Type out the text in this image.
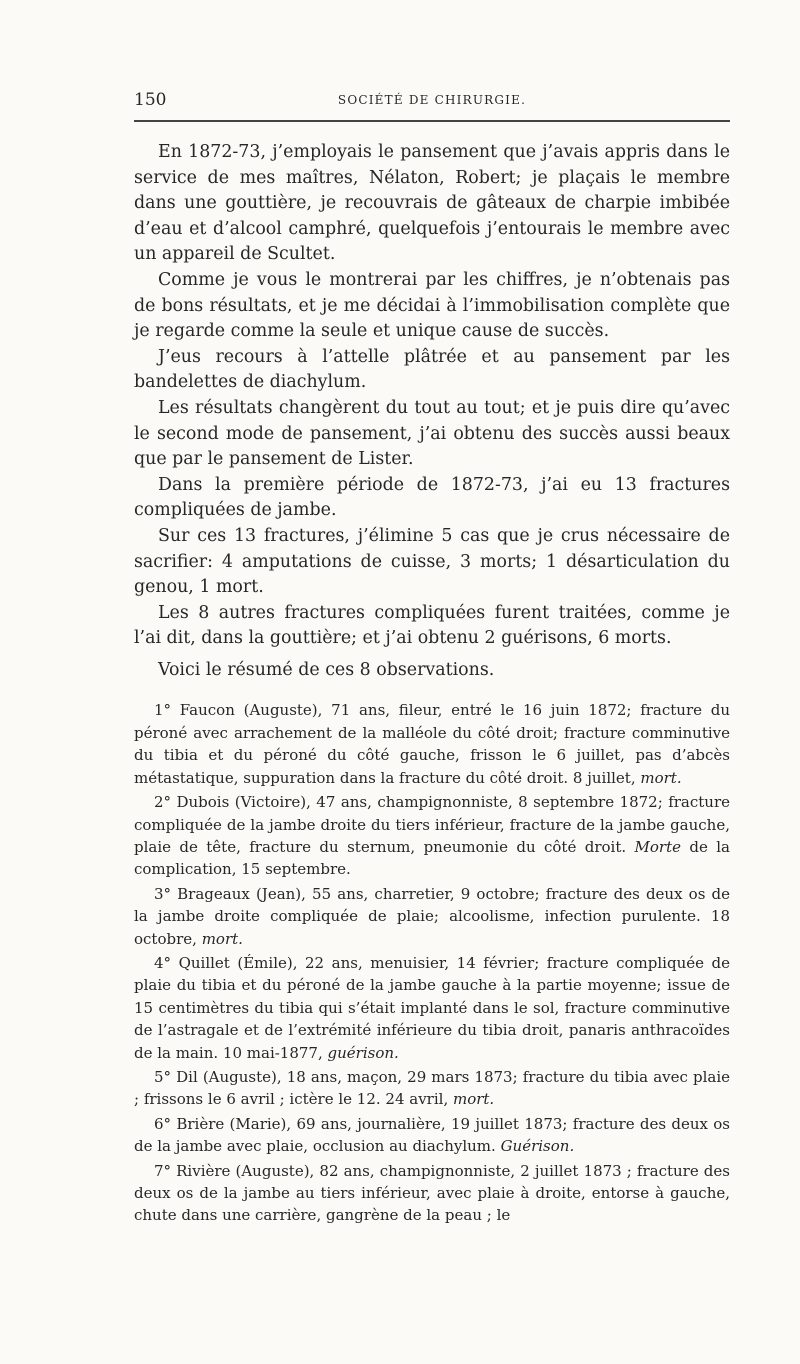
150	SOCIÉTÉ DE CHIRURGIE.

En 1872-73, j’employais le pansement que j’avais appris dans le service de mes maîtres, Nélaton, Robert; je plaçais le membre dans une gouttière, je recouvrais de gâteaux de charpie imbibée d’eau et d’alcool camphré, quelquefois j’entourais le membre avec un appareil de Scultet.

Comme je vous le montrerai par les chiffres, je n’obtenais pas de bons résultats, et je me décidai à l’immobilisation complète que je regarde comme la seule et unique cause de succès.

J’eus recours à l’attelle plâtrée et au pansement par les bandelettes de diachylum.

Les résultats changèrent du tout au tout; et je puis dire qu’avec le second mode de pansement, j’ai obtenu des succès aussi beaux que par le pansement de Lister.

Dans la première période de 1872-73, j’ai eu 13 fractures compliquées de jambe.

Sur ces 13 fractures, j’élimine 5 cas que je crus nécessaire de sacrifier: 4 amputations de cuisse, 3 morts; 1 désarticulation du genou, 1 mort.

Les 8 autres fractures compliquées furent traitées, comme je l’ai dit, dans la gouttière; et j’ai obtenu 2 guérisons, 6 morts.

Voici le résumé de ces 8 observations.

1° Faucon (Auguste), 71 ans, fileur, entré le 16 juin 1872; fracture du péroné avec arrachement de la malléole du côté droit; fracture comminutive du tibia et du péroné du côté gauche, frisson le 6 juillet, pas d’abcès métastatique, suppuration dans la fracture du côté droit. 8 juillet, mort.

2° Dubois (Victoire), 47 ans, champignonniste, 8 septembre 1872; fracture compliquée de la jambe droite du tiers inférieur, fracture de la jambe gauche, plaie de tête, fracture du sternum, pneumonie du côté droit. Morte de la complication, 15 septembre.

3° Brageaux (Jean), 55 ans, charretier, 9 octobre; fracture des deux os de la jambe droite compliquée de plaie; alcoolisme, infection purulente. 18 octobre, mort.

4° Quillet (Émile), 22 ans, menuisier, 14 février; fracture compliquée de plaie du tibia et du péroné de la jambe gauche à la partie moyenne; issue de 15 centimètres du tibia qui s’était implanté dans le sol, fracture comminutive de l’astragale et de l’extrémité inférieure du tibia droit, panaris anthracoïdes de la main. 10 mai-1877, guérison.

5° Dil (Auguste), 18 ans, maçon, 29 mars 1873; fracture du tibia avec plaie ; frissons le 6 avril ; ictère le 12. 24 avril, mort.

6° Brière (Marie), 69 ans, journalière, 19 juillet 1873; fracture des deux os de la jambe avec plaie, occlusion au diachylum. Guérison.

7° Rivière (Auguste), 82 ans, champignonniste, 2 juillet 1873 ; fracture des deux os de la jambe au tiers inférieur, avec plaie à droite, entorse à gauche, chute dans une carrière, gangrène de la peau ; le
